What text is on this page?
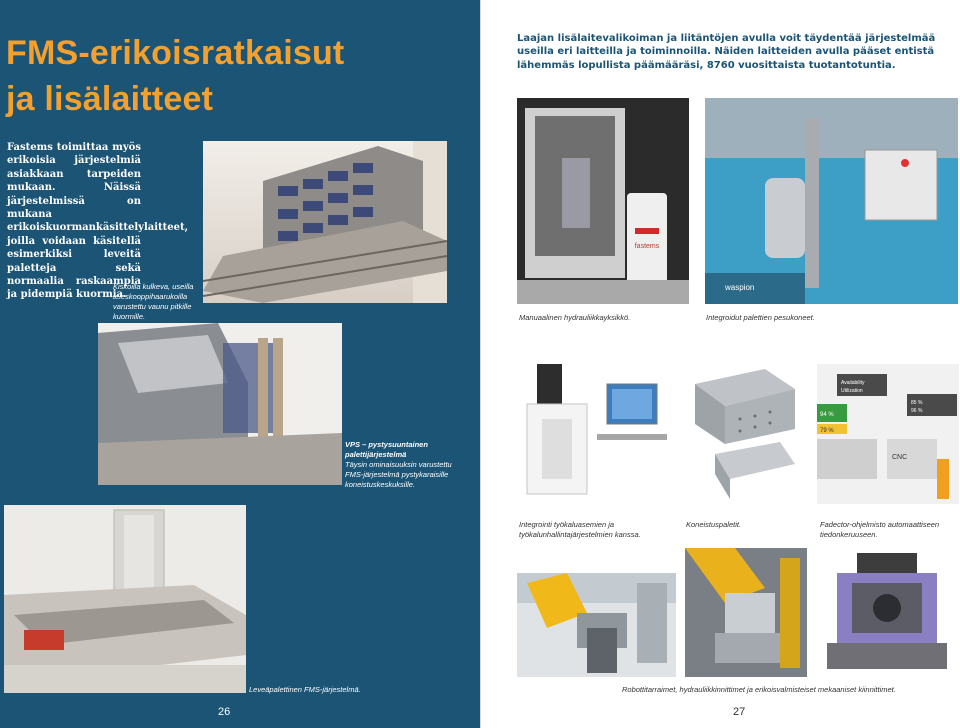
FMS-erikoisratkaisut
ja lisälaitteet
Fastems toimittaa myös erikoisia järjestelmiä asiakkaan tarpeiden mukaan. Näissä järjestelmissä on mukana erikoiskuormankäsittelylaitteet, joilla voidaan käsitellä esimerkiksi leveitä paletteja sekä normaalia raskaampia ja pidempiä kuormia.
Kiskoilla kulkeva, useilla teleskooppihaarukoilla varustettu vaunu pitkille kuormille.
VPS – pystysuuntainen palettijärjestelmä
Täysin ominaisuuksin varustettu FMS-järjestelmä pystykaraisille koneistuskeskuksille.
Leveäpalettinen FMS-järjestelmä.
26
Laajan lisälaitevalikoiman ja liitäntöjen avulla voit täydentää järjestelmää useilla eri laitteilla ja toiminnoilla. Näiden laitteiden avulla pääset entistä lähemmäs lopullista päämääräsi, 8760 vuosittaista tuotantotuntia.
fastems
waspion
Manuaalinen hydrauliikkayksikkö.	Integroidut palettien pesukoneet.
Availability
Utilization
94 %
79 %
85 %
96 %
CNC
Integrointi työkaluasemien ja työkalunhallintajärjestelmien kanssa.
Koneistuspaletit.	Fadector-ohjelmisto automaattiseen tiedonkeruuseen.
Robottitarraimet, hydrauliikkinnittimet ja erikoisvalmisteiset mekaaniset kiinnittimet.
27
